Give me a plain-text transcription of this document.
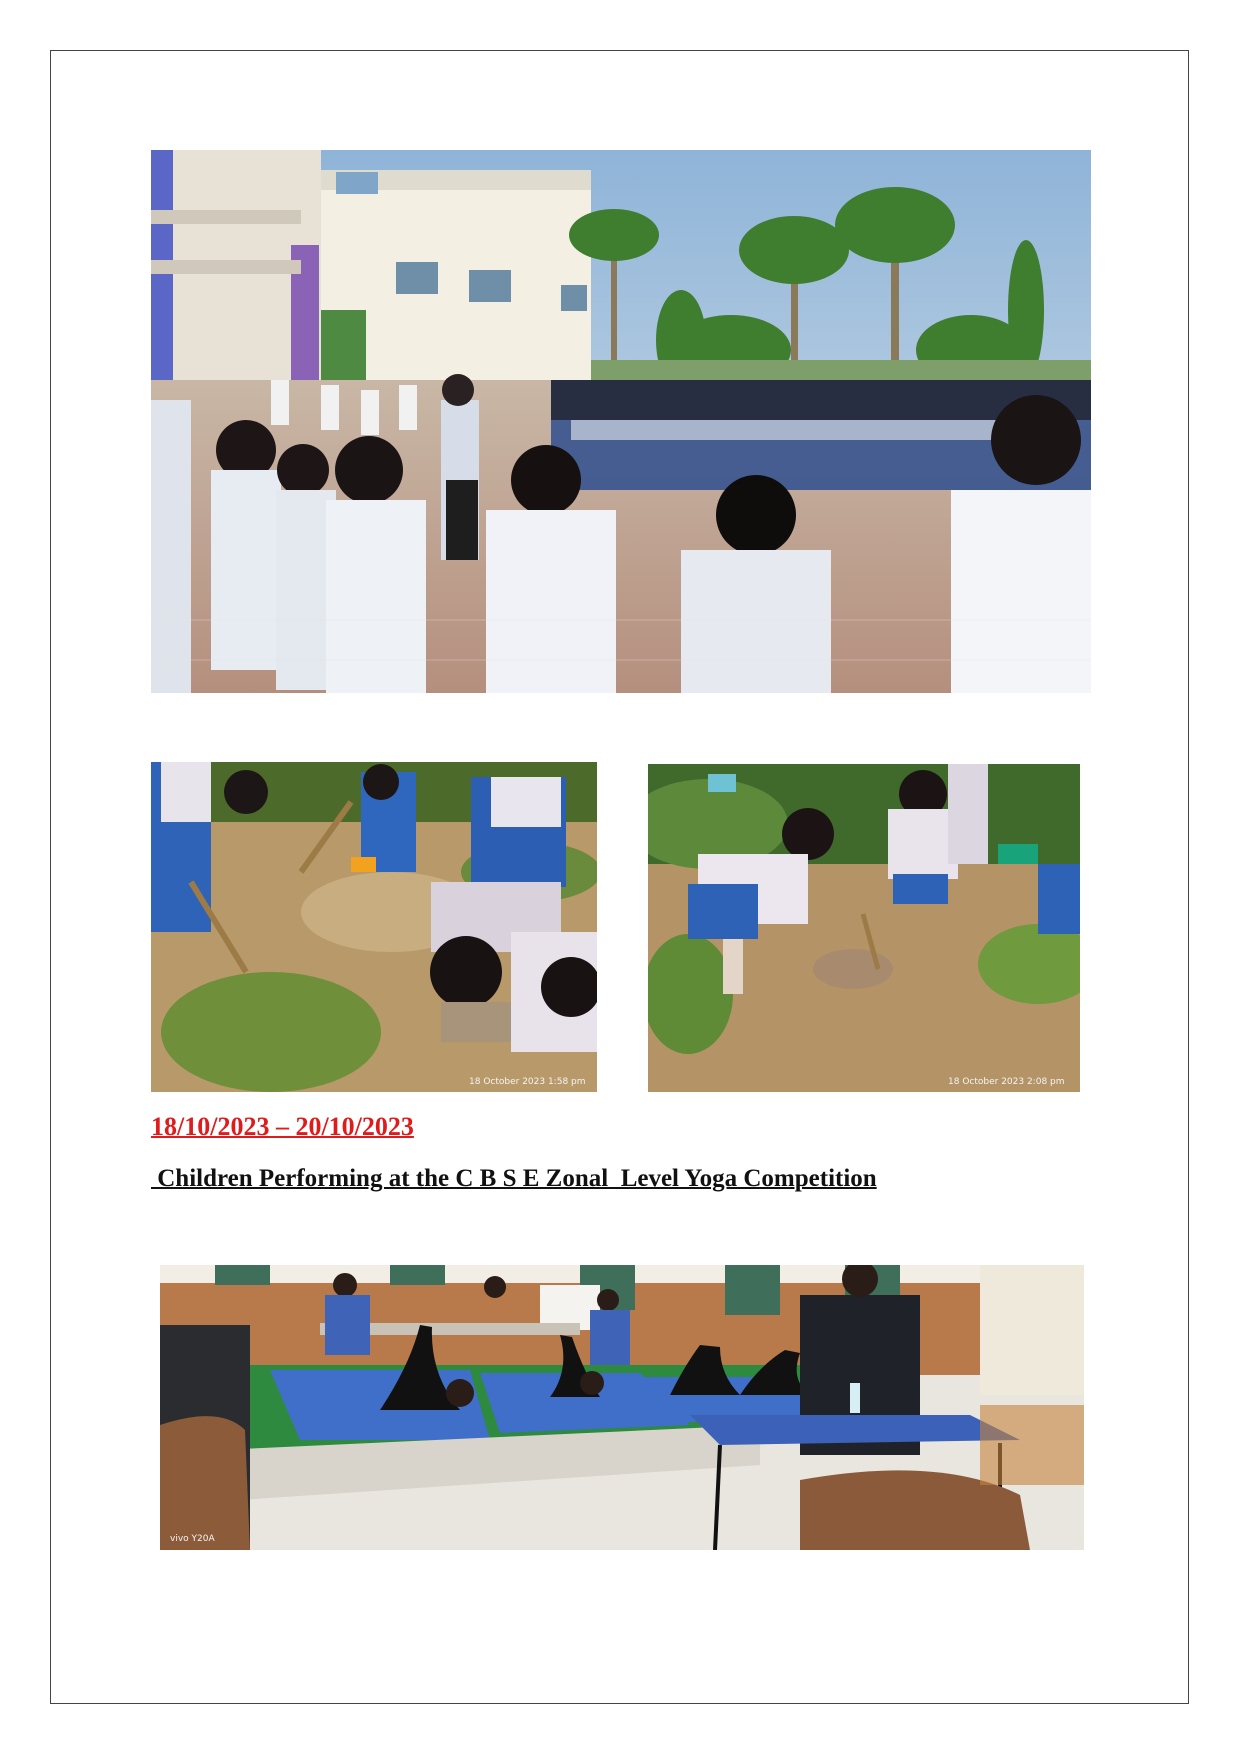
18 October 2023 1:58 pm	18 October 2023 2:08 pm
18/10/2023 – 20/10/2023
Children Performing at the C B S E Zonal  Level Yoga Competition
vivo Y20A
